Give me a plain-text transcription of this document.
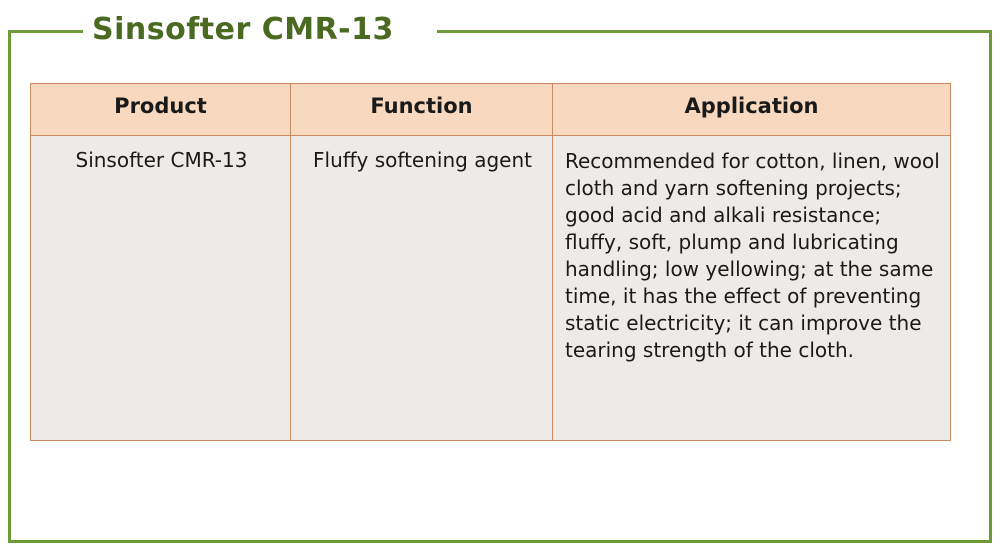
Sinsofter CMR-13
Product	Function	Application
Sinsofter CMR-13	Fluffy softening agent	Recommended for cotton, linen, wool cloth and yarn softening projects; good acid and alkali resistance; fluffy, soft, plump and lubricating handling; low yellowing; at the same time, it has the effect of preventing static electricity; it can improve the tearing strength of the cloth.
